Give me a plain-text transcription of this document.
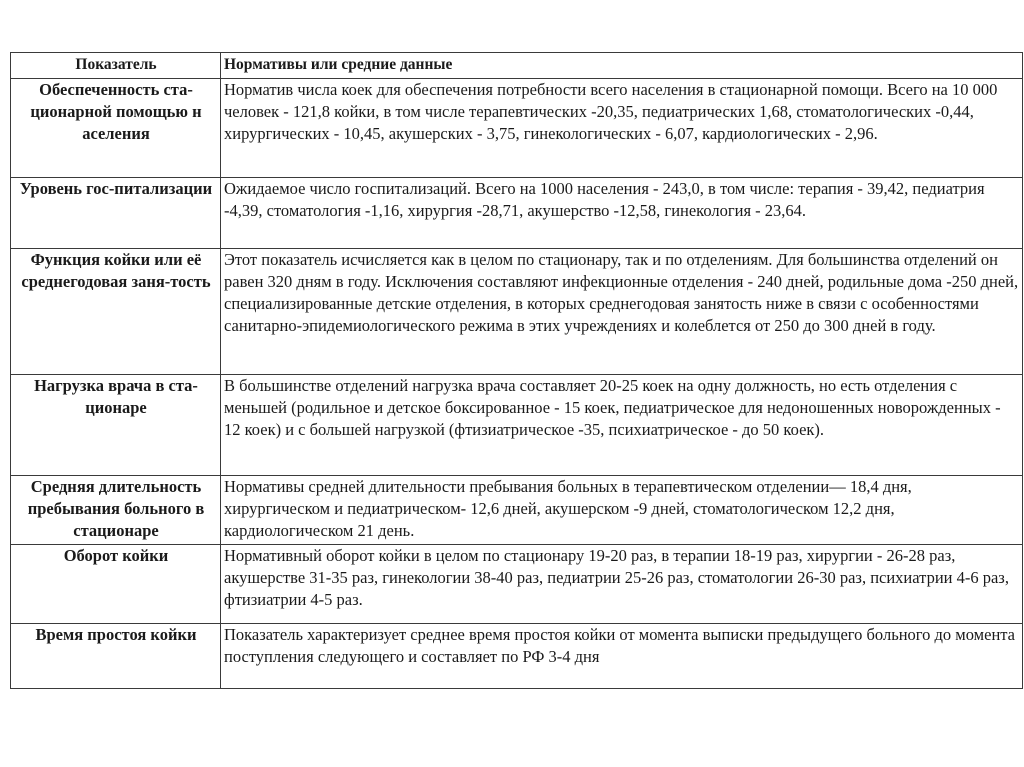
Показатель	Нормативы или средние данные
Обеспеченность ста-ционарной помощью н аселения	Норматив числа коек для обеспечения потребности всего населения в стационарной помощи. Всего на 10 000 человек - 121,8 койки, в том числе терапевтических -20,35, педиатрических 1,68, стоматологических -0,44, хирургических - 10,45, акушерских - 3,75, гинекологических - 6,07, кардиологических - 2,96.
Уровень гос-питализации	Ожидаемое число госпитализаций. Всего на 1000 населения - 243,0, в том числе: терапия - 39,42, педиатрия -4,39, стоматология -1,16, хирургия -28,71, акушерство -12,58, гинекология - 23,64.
Функция койки или её среднегодовая заня-тость	Этот показатель исчисляется как в целом по стационару, так и по отделениям. Для большинства отделений он равен 320 дням в году. Исключения составляют инфекционные отделения - 240 дней, родильные дома -250 дней, специализированные детские отделения, в которых среднегодовая занятость ниже в связи с особенностями санитарно-эпидемиологического режима в этих учреждениях и колеблется от 250 до 300 дней в году.
Нагрузка врача в ста-ционаре	В большинстве отделений нагрузка врача составляет 20-25 коек на одну должность, но есть отделения с меньшей (родильное и детское боксированное - 15 коек, педиатрическое для недоношенных новорожденных - 12 коек) и с большей нагрузкой (фтизиатрическое -35, психиатрическое - до 50 коек).
Средняя длительность пребывания больного в стационаре	Нормативы средней длительности пребывания больных в терапевтическом отделении— 18,4 дня, хирургическом и педиатрическом- 12,6 дней, акушерском -9 дней, стоматологическом 12,2 дня, кардиологическом 21 день.
Оборот койки	Нормативный оборот койки в целом по стационару 19-20 раз, в терапии 18-19 раз, хирургии - 26-28 раз, акушерстве 31-35 раз, гинекологии 38-40 раз, педиатрии 25-26 раз, стоматологии 26-30 раз, психиатрии 4-6 раз, фтизиатрии 4-5 раз.
Время простоя койки	Показатель характеризует среднее время простоя койки от момента выписки предыдущего больного до момента поступления следующего и составляет по РФ 3-4 дня
